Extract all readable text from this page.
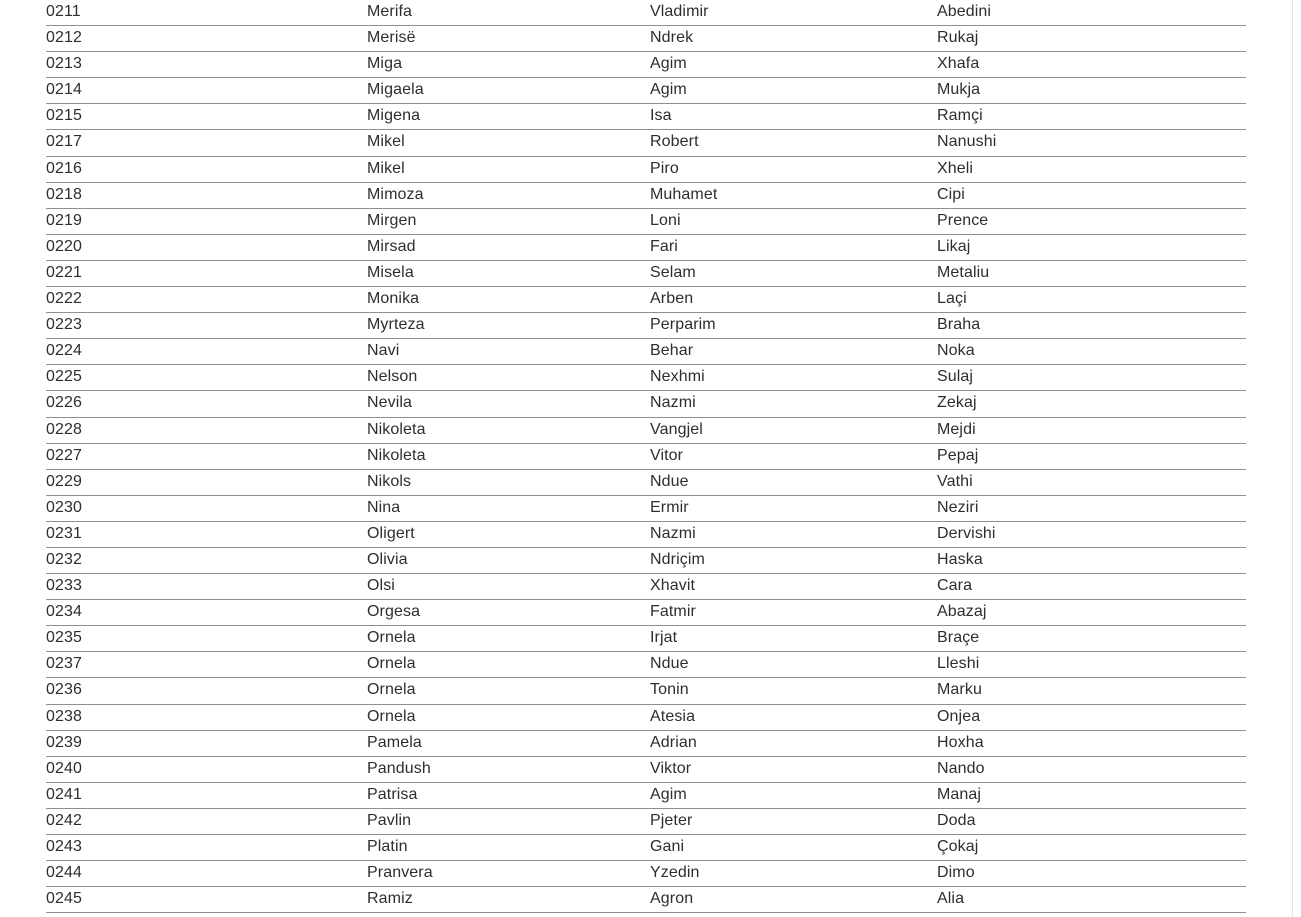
0211	Merifa	Vladimir	Abedini
0212	Merisë	Ndrek	Rukaj
0213	Miga	Agim	Xhafa
0214	Migaela	Agim	Mukja
0215	Migena	Isa	Ramçi
0217	Mikel	Robert	Nanushi
0216	Mikel	Piro	Xheli
0218	Mimoza	Muhamet	Cipi
0219	Mirgen	Loni	Prence
0220	Mirsad	Fari	Likaj
0221	Misela	Selam	Metaliu
0222	Monika	Arben	Laçi
0223	Myrteza	Perparim	Braha
0224	Navi	Behar	Noka
0225	Nelson	Nexhmi	Sulaj
0226	Nevila	Nazmi	Zekaj
0228	Nikoleta	Vangjel	Mejdi
0227	Nikoleta	Vitor	Pepaj
0229	Nikols	Ndue	Vathi
0230	Nina	Ermir	Neziri
0231	Oligert	Nazmi	Dervishi
0232	Olivia	Ndriçim	Haska
0233	Olsi	Xhavit	Cara
0234	Orgesa	Fatmir	Abazaj
0235	Ornela	Irjat	Braçe
0237	Ornela	Ndue	Lleshi
0236	Ornela	Tonin	Marku
0238	Ornela	Atesia	Onjea
0239	Pamela	Adrian	Hoxha
0240	Pandush	Viktor	Nando
0241	Patrisa	Agim	Manaj
0242	Pavlin	Pjeter	Doda
0243	Platin	Gani	Çokaj
0244	Pranvera	Yzedin	Dimo
0245	Ramiz	Agron	Alia
